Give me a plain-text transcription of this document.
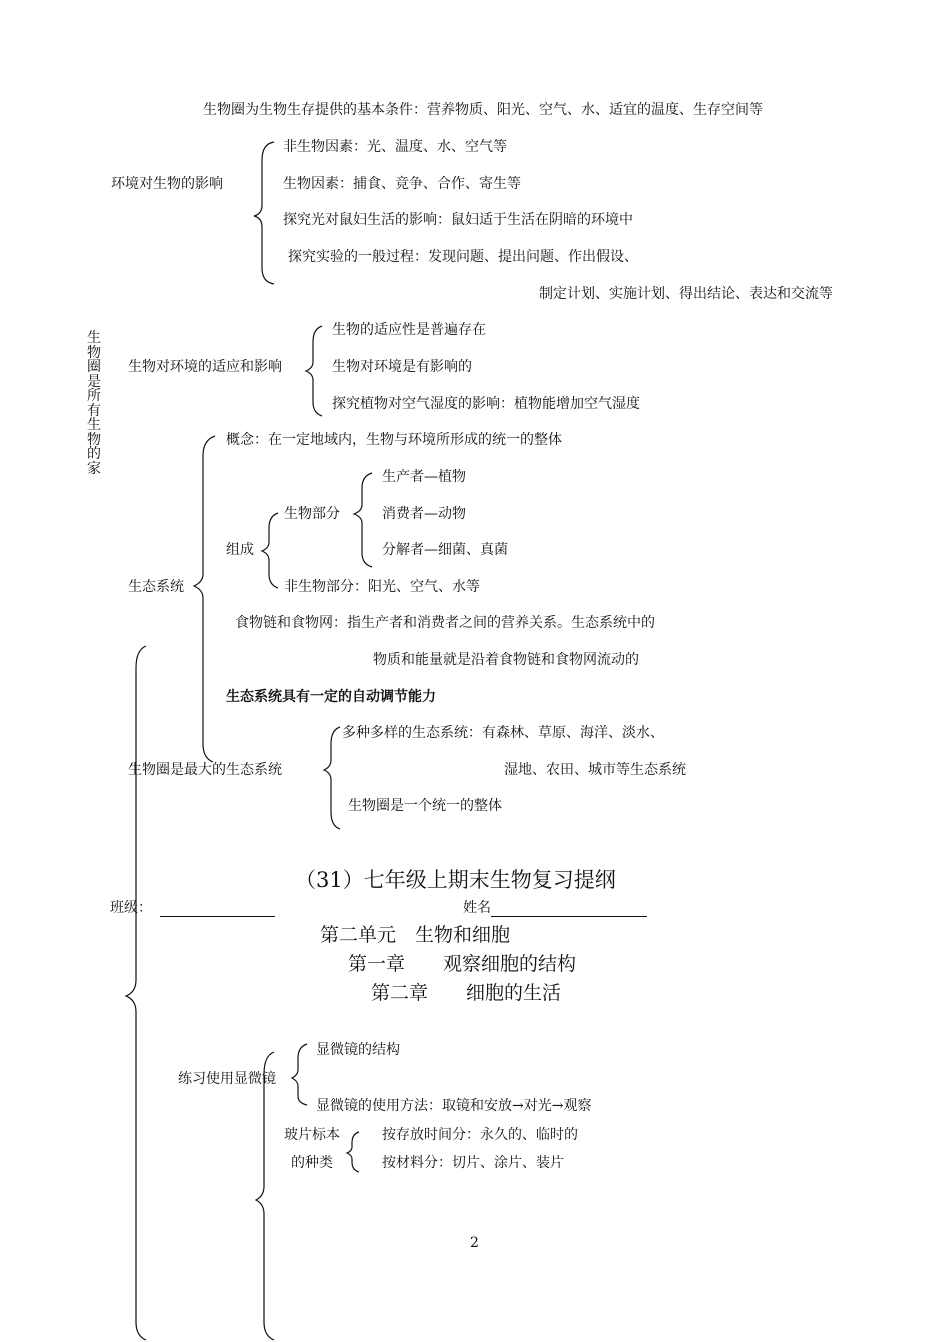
生物圈为生物生存提供的基本条件：营养物质、阳光、空气、水、适宜的温度、生存空间等
环境对生物的影响
非生物因素：光、温度、水、空气等
生物因素：捕食、竞争、合作、寄生等
探究光对鼠妇生活的影响：鼠妇适于生活在阴暗的环境中
探究实验的一般过程：发现问题、提出问题、作出假设、
制定计划、实施计划、得出结论、表达和交流等
生物圈是所有生物的家
生物对环境的适应和影响
生物的适应性是普遍存在
生物对环境是有影响的
探究植物对空气湿度的影响：植物能增加空气湿度
概念：在一定地域内，生物与环境所形成的统一的整体
生态系统
组成
生物部分
生产者—植物
消费者—动物
分解者—细菌、真菌
非生物部分：阳光、空气、水等
食物链和食物网：指生产者和消费者之间的营养关系。生态系统中的
物质和能量就是沿着食物链和食物网流动的
生态系统具有一定的自动调节能力
生物圈是最大的生态系统
多种多样的生态系统：有森林、草原、海洋、淡水、
湿地、农田、城市等生态系统
生物圈是一个统一的整体
（31）七年级上期末生物复习提纲
班级：	姓名
第二单元　生物和细胞
第一章　　观察细胞的结构
第二章　　细胞的生活
练习使用显微镜
显微镜的结构
显微镜的使用方法：取镜和安放→对光→观察
玻片标本
的种类
按存放时间分：永久的、临时的
按材料分：切片、涂片、装片
2
